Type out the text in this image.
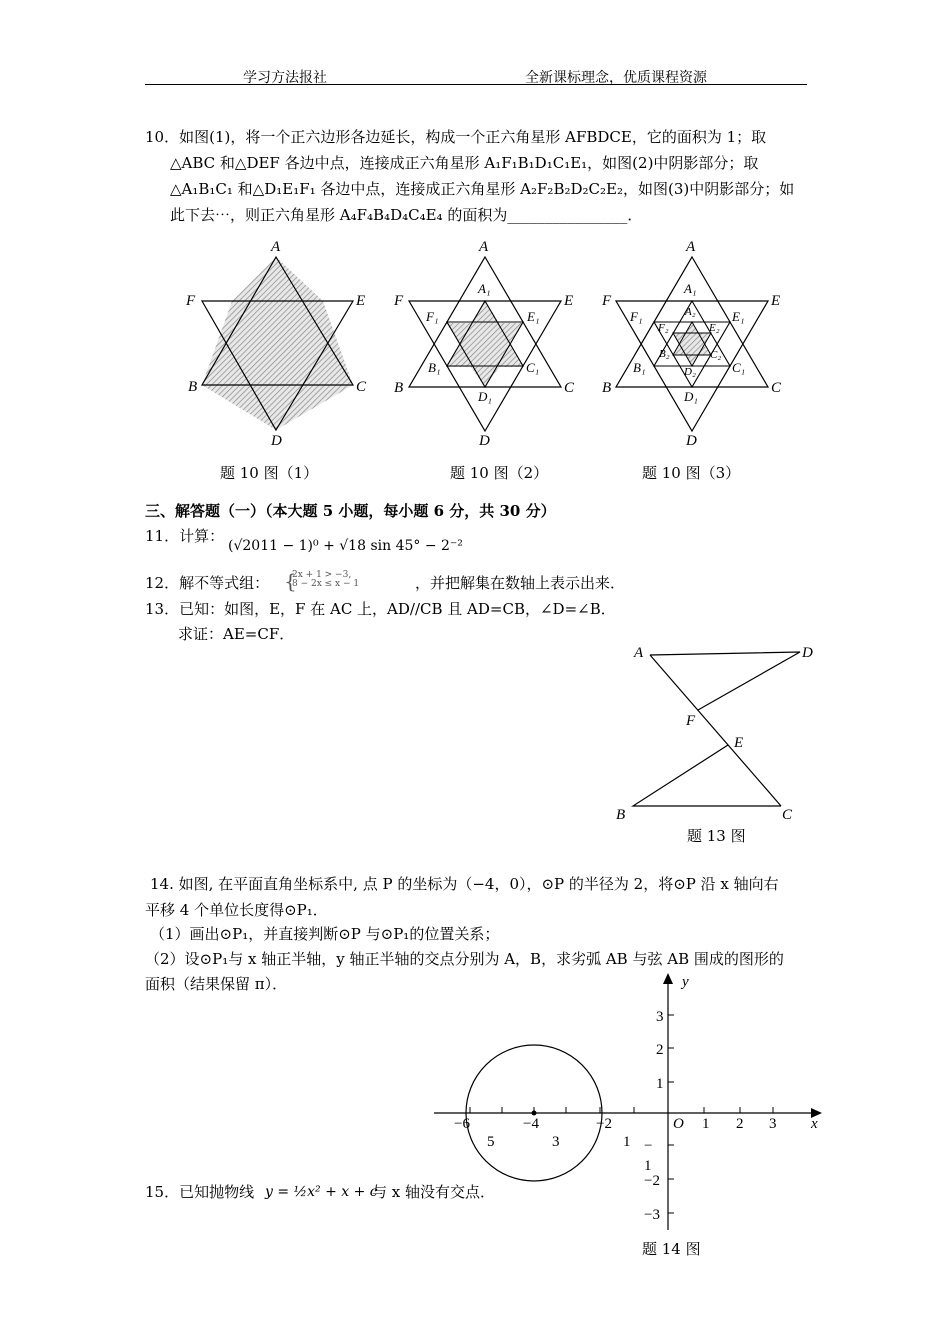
学习方法报社	全新课标理念，优质课程资源
10．如图(1)，将一个正六边形各边延长，构成一个正六角星形 AFBDCE，它的面积为 1；取
△ABC 和△DEF 各边中点，连接成正六角星形 A₁F₁B₁D₁C₁E₁，如图(2)中阴影部分；取
△A₁B₁C₁ 和△D₁E₁F₁ 各边中点，连接成正六角星形 A₂F₂B₂D₂C₂E₂，如图(3)中阴影部分；如
此下去⋯，则正六角星形 A₄F₄B₄D₄C₄E₄ 的面积为________________．
A
B	C
D
E
F
A
B	C
D
E
F
A₁
B₁	C₁
D₁
E₁
F₁
A
B	C
D
E
F
A₁
B₁	C₁
D₁
E₁
F₁	A₂
B₂	C₂
D₂
E₂
F₂
题 10 图（1）	题 10 图（2）	题 10 图（3）
三、解答题（一）（本大题 5 小题，每小题 6 分，共 30 分）
11．计算：
(√2011 − 1)⁰ + √18 sin 45° − 2⁻²
12．解不等式组： {
2x + 1 > −3,
8 − 2x ≤ x − 1	，并把解集在数轴上表示出来．
13．已知：如图，E，F 在 AC 上，AD//CB 且 AD=CB，∠D=∠B．
求证：AE=CF．
A	D
F
E
B	C
题 13 图
14. 如图, 在平面直角坐标系中, 点 P 的坐标为（−4，0），⊙P 的半径为 2，将⊙P 沿 x 轴向右
平移 4 个单位长度得⊙P₁．
（1）画出⊙P₁，并直接判断⊙P 与⊙P₁的位置关系；
（2）设⊙P₁与 x 轴正半轴，y 轴正半轴的交点分别为 A，B，求劣弧 AB 与弦 AB 围成的图形的
面积（结果保留 π）．	y
x
O 1 2 3
−6
5
−4
3
−2
1
3
2
1
−
1
−2
−3
题 14 图
15．已知抛物线 y = ½x² + x + c
与 x 轴没有交点．
